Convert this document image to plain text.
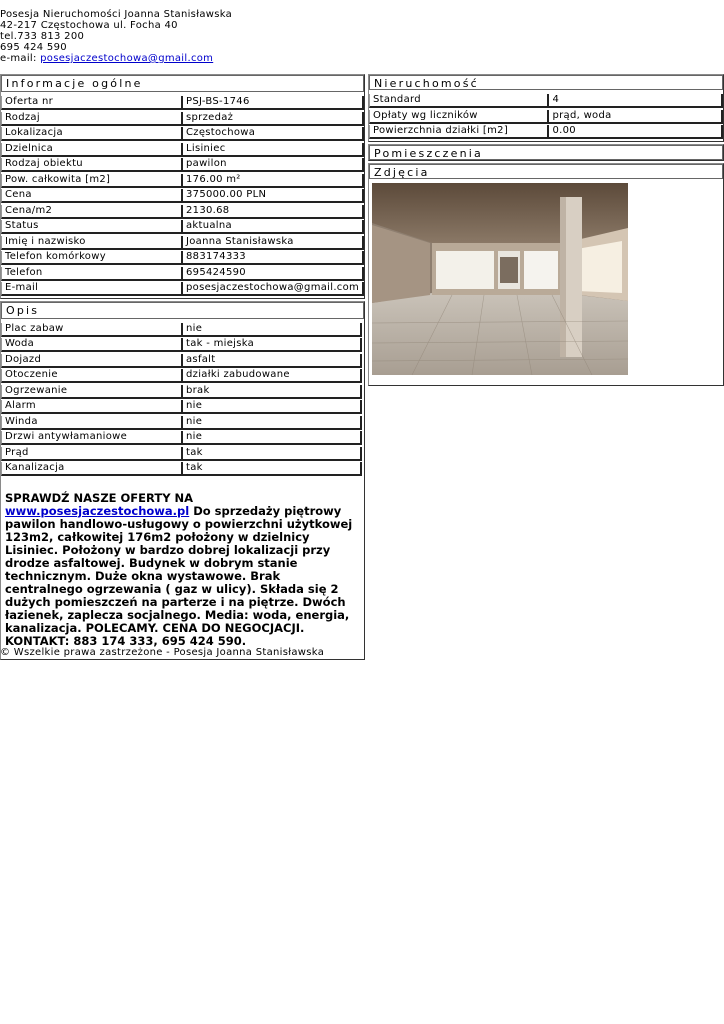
Posesja Nieruchomości Joanna Stanisławska
42-217 Częstochowa ul. Focha 40
tel.733 813 200
695 424 590
e-mail: posesjaczestochowa@gmail.com
Informacje ogólne
Oferta nr	PSJ-BS-1746
Rodzaj	sprzedaż
Lokalizacja	Częstochowa
Dzielnica	Lisiniec
Rodzaj obiektu	pawilon
Pow. całkowita [m2]	176.00 m²
Cena	375000.00 PLN
Cena/m2	2130.68
Status	aktualna
Imię i nazwisko	Joanna Stanisławska
Telefon komórkowy	883174333
Telefon	695424590
E-mail	posesjaczestochowa@gmail.com
Opis
Plac zabaw	nie
Woda	tak - miejska
Dojazd	asfalt
Otoczenie	działki zabudowane
Ogrzewanie	brak
Alarm	nie
Winda	nie
Drzwi antywłamaniowe	nie
Prąd	tak
Kanalizacja	tak
SPRAWDŹ NASZE OFERTY NA www.posesjaczestochowa.pl Do sprzedaży piętrowy pawilon handlowo-usługowy o powierzchni użytkowej 123m2, całkowitej 176m2 położony w dzielnicy Lisiniec. Położony w bardzo dobrej lokalizacji przy drodze asfaltowej. Budynek w dobrym stanie technicznym. Duże okna wystawowe. Brak centralnego ogrzewania ( gaz w ulicy). Składa się 2 dużych pomieszczeń na parterze i na piętrze. Dwóch łazienek, zaplecza socjalnego. Media: woda, energia, kanalizacja. POLECAMY. CENA DO NEGOCJACJI. KONTAKT: 883 174 333, 695 424 590.
Nieruchomość
Standard	4
Opłaty wg liczników	prąd, woda
Powierzchnia działki [m2]	0.00
Pomieszczenia
Zdjęcia
© Wszelkie prawa zastrzeżone - Posesja Joanna Stanisławska
